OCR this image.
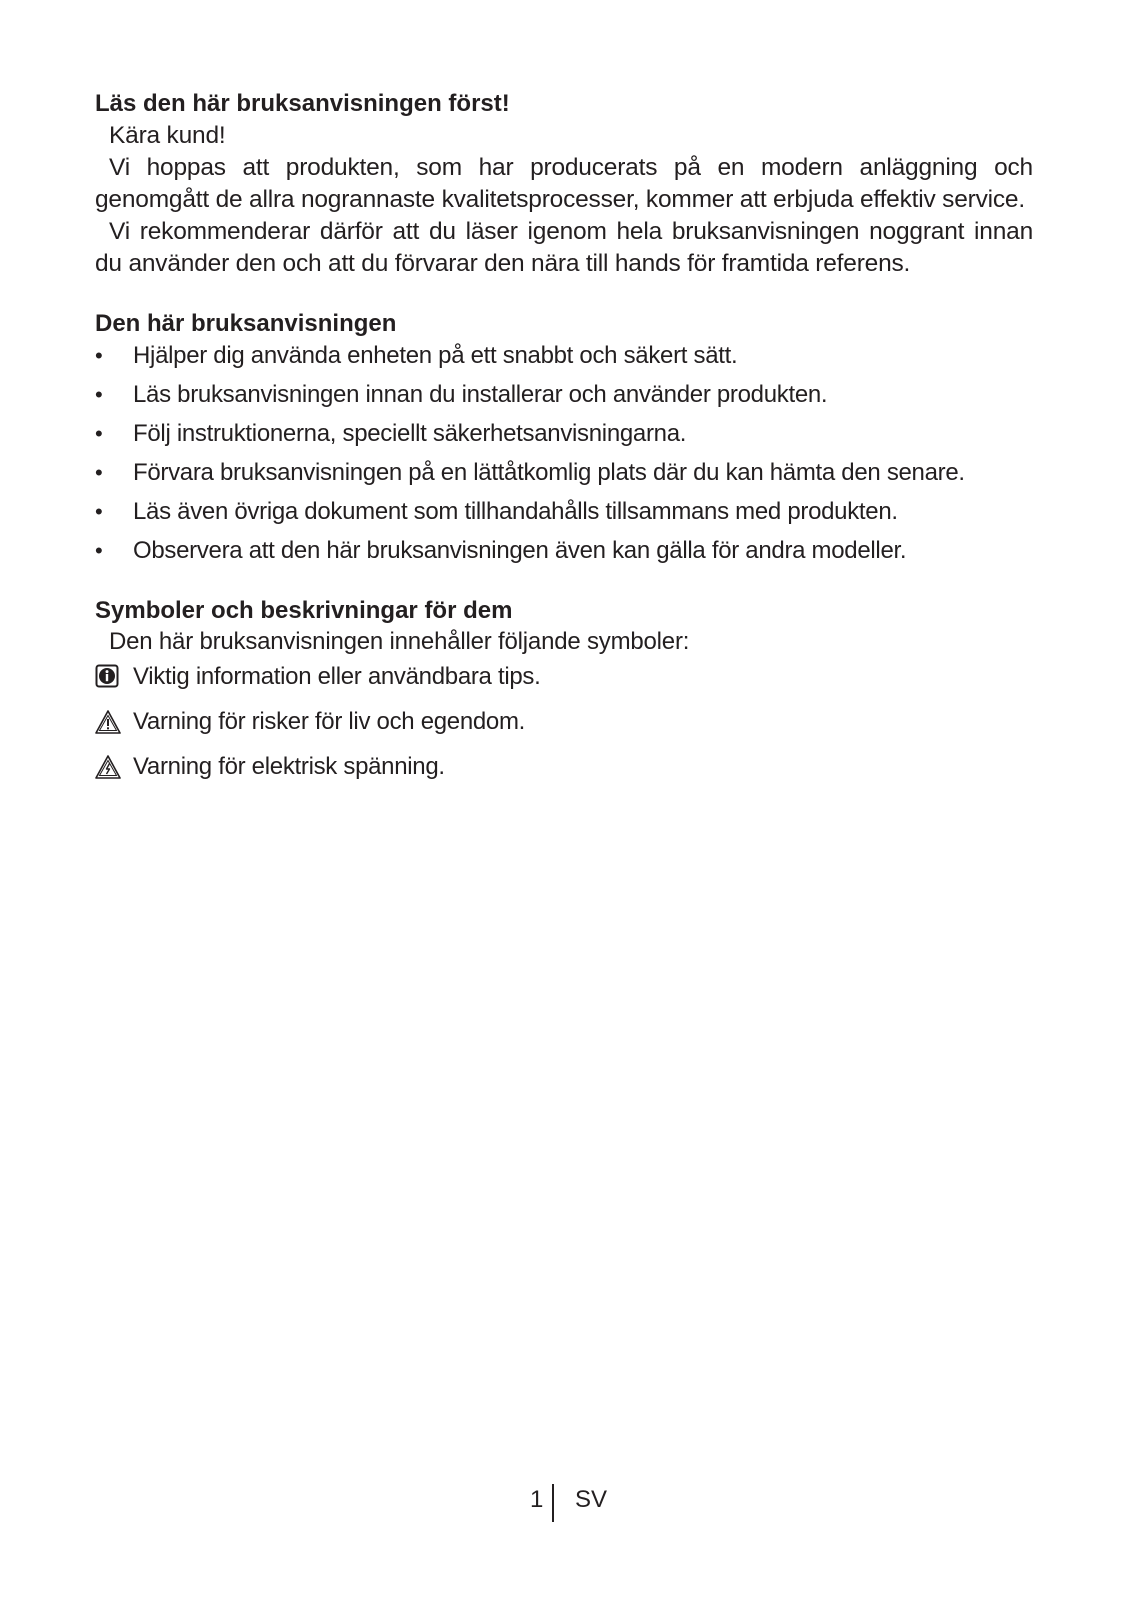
Läs den här bruksanvisningen först!

Kära kund!

Vi hoppas att produkten, som har producerats på en modern anläggning och genomgått de allra nogrannaste kvalitetsprocesser, kommer att erbjuda effektiv service.

Vi rekommenderar därför att du läser igenom hela bruksanvisningen noggrant innan du använder den och att du förvarar den nära till hands för framtida referens.

Den här bruksanvisningen
• Hjälper dig använda enheten på ett snabbt och säkert sätt.
• Läs bruksanvisningen innan du installerar och använder produkten.
• Följ instruktionerna, speciellt säkerhetsanvisningarna.
• Förvara bruksanvisningen på en lättåtkomlig plats där du kan hämta den senare.
• Läs även övriga dokument som tillhandahålls tillsammans med produkten.
• Observera att den här bruksanvisningen även kan gälla för andra modeller.
Symboler och beskrivningar för dem

Den här bruksanvisningen innehåller följande symboler:

Viktig information eller användbara tips.
Varning för risker för liv och egendom.
Varning för elektrisk spänning.
1 SV
